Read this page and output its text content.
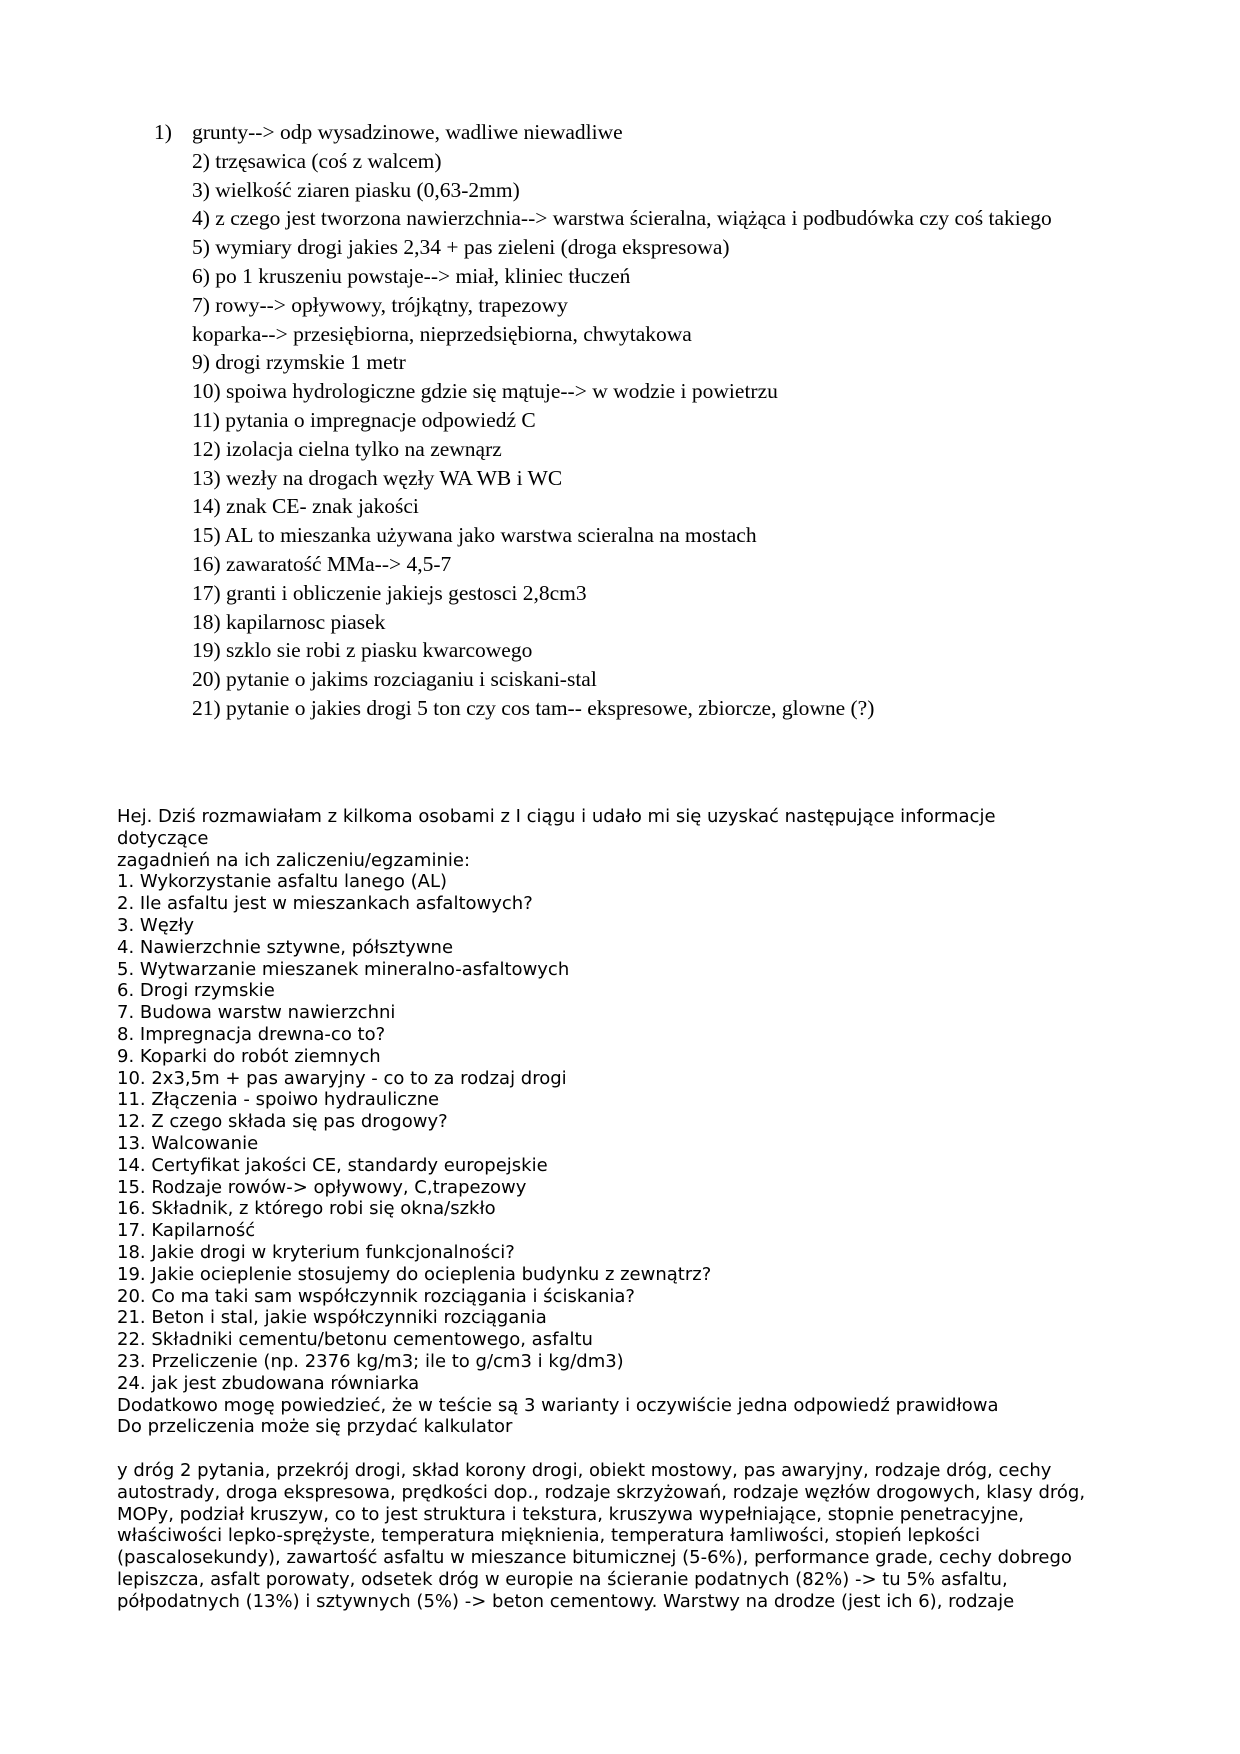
1) grunty--> odp wysadzinowe, wadliwe niewadliwe
2) trzęsawica (coś z walcem)
3) wielkość ziaren piasku (0,63-2mm)
4) z czego jest tworzona nawierzchnia--> warstwa ścieralna, wiążąca i podbudówka czy coś takiego
5) wymiary drogi jakies 2,34 + pas zieleni (droga ekspresowa)
6) po 1 kruszeniu powstaje--> miał, kliniec tłuczeń
7) rowy--> opływowy, trójkątny, trapezowy
koparka--> przesiębiorna, nieprzedsiębiorna, chwytakowa
9) drogi rzymskie 1 metr
10) spoiwa hydrologiczne gdzie się mątuje--> w wodzie i powietrzu
11) pytania o impregnacje odpowiedź C
12) izolacja cielna tylko na zewnąrz
13) wezły na drogach węzły WA WB i WC
14) znak CE- znak jakości
15) AL to mieszanka używana jako warstwa scieralna na mostach
16) zawaratość MMa--> 4,5-7
17) granti i obliczenie jakiejs gestosci 2,8cm3
18) kapilarnosc piasek
19) szklo sie robi z piasku kwarcowego
20) pytanie o jakims rozciaganiu i sciskani-stal
21) pytanie o jakies drogi 5 ton czy cos tam-- ekspresowe, zbiorcze, glowne (?)
Hej. Dziś rozmawiałam z kilkoma osobami z I ciągu i udało mi się uzyskać następujące informacje
dotyczące
zagadnień na ich zaliczeniu/egzaminie:
1. Wykorzystanie asfaltu lanego (AL)
2. Ile asfaltu jest w mieszankach asfaltowych?
3. Węzły
4. Nawierzchnie sztywne, półsztywne
5. Wytwarzanie mieszanek mineralno-asfaltowych
6. Drogi rzymskie
7. Budowa warstw nawierzchni
8. Impregnacja drewna-co to?
9. Koparki do robót ziemnych
10. 2x3,5m + pas awaryjny - co to za rodzaj drogi
11. Złączenia - spoiwo hydrauliczne
12. Z czego składa się pas drogowy?
13. Walcowanie
14. Certyfikat jakości CE, standardy europejskie
15. Rodzaje rowów-> opływowy, C,trapezowy
16. Składnik, z którego robi się okna/szkło
17. Kapilarność
18. Jakie drogi w kryterium funkcjonalności?
19. Jakie ocieplenie stosujemy do ocieplenia budynku z zewnątrz?
20. Co ma taki sam współczynnik rozciągania i ściskania?
21. Beton i stal, jakie współczynniki rozciągania
22. Składniki cementu/betonu cementowego, asfaltu
23. Przeliczenie (np. 2376 kg/m3; ile to g/cm3 i kg/dm3)
24. jak jest zbudowana równiarka
Dodatkowo mogę powiedzieć, że w teście są 3 warianty i oczywiście jedna odpowiedź prawidłowa
Do przeliczenia może się przydać kalkulator
y dróg 2 pytania, przekrój drogi, skład korony drogi, obiekt mostowy, pas awaryjny, rodzaje dróg, cechy autostrady, droga ekspresowa, prędkości dop., rodzaje skrzyżowań, rodzaje węzłów drogowych, klasy dróg, MOPy, podział kruszyw, co to jest struktura i tekstura, kruszywa wypełniające, stopnie penetracyjne, właściwości lepko-sprężyste, temperatura mięknienia, temperatura łamliwości, stopień lepkości (pascalosekundy), zawartość asfaltu w mieszance bitumicznej (5-6%), performance grade, cechy dobrego lepiszcza, asfalt porowaty, odsetek dróg w europie na ścieranie podatnych (82%) -> tu 5% asfaltu, półpodatnych (13%) i sztywnych (5%) -> beton cementowy. Warstwy na drodze (jest ich 6), rodzaje
